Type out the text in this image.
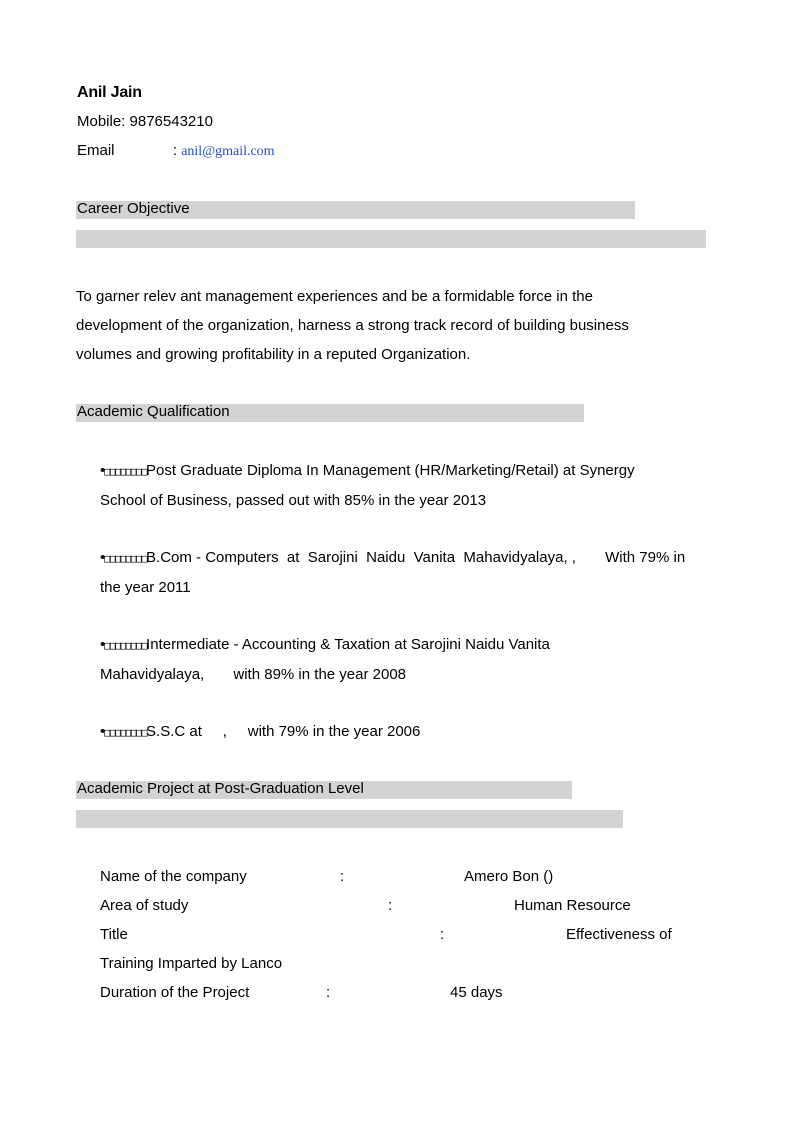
Anil Jain
Mobile: 9876543210
Email	: anil@gmail.com
Career Objective
To garner relev ant management experiences and be a formidable force in the
development of the organization, harness a strong track record of building business
volumes and growing profitability in a reputed Organization.
Academic Qualification
•□□□□□□□□Post Graduate Diploma In Management (HR/Marketing/Retail) at Synergy
School of Business, passed out with 85% in the year 2013
•□□□□□□□□B.Com - Computers  at  Sarojini  Naidu  Vanita  Mahavidyalaya, ,       With 79% in
the year 2011
•□□□□□□□□Intermediate - Accounting & Taxation at Sarojini Naidu Vanita
Mahavidyalaya,       with 89% in the year 2008
•□□□□□□□□S.S.C at     ,     with 79% in the year 2006
Academic Project at Post-Graduation Level
Name of the company	:	Amero Bon ()
Area of study	:	Human Resource
Title	:	Effectiveness of
Training Imparted by Lanco
Duration of the Project	:	45 days
